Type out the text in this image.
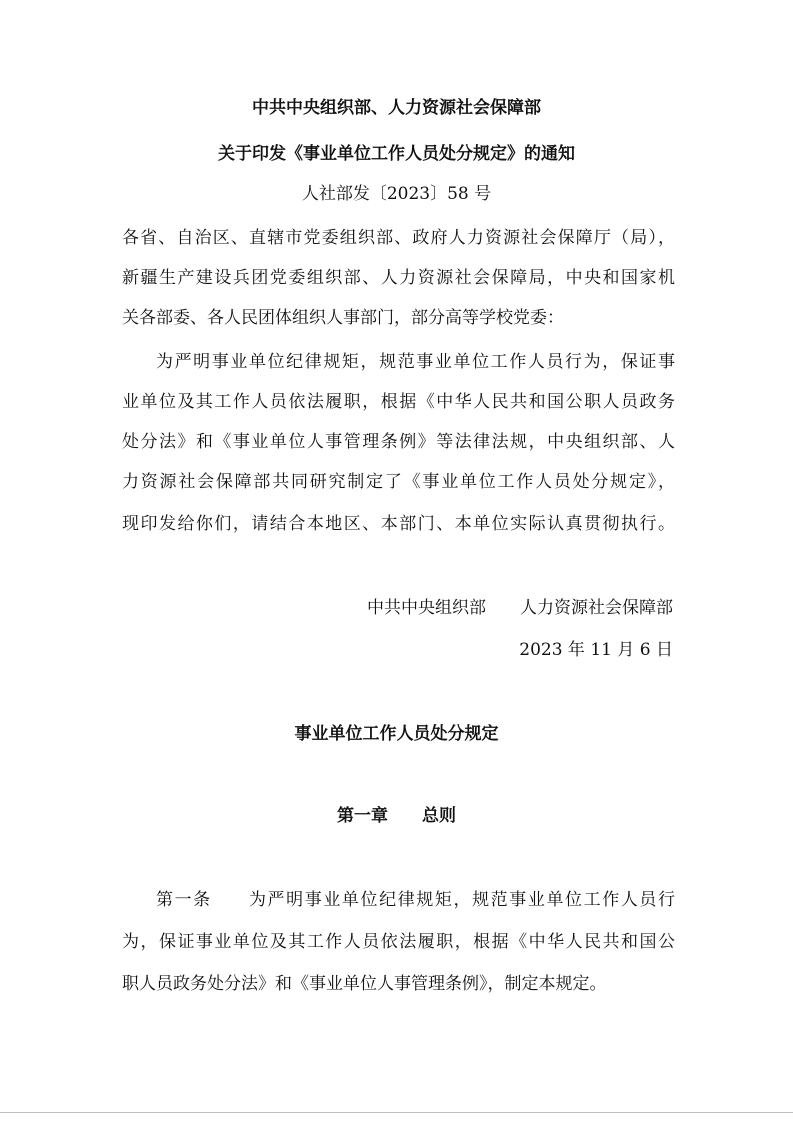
中共中央组织部、人力资源社会保障部
关于印发《事业单位工作人员处分规定》的通知
人社部发〔2023〕58 号
各省、自治区、直辖市党委组织部、政府人力资源社会保障厅（局），
新疆生产建设兵团党委组织部、人力资源社会保障局，中央和国家机
关各部委、各人民团体组织人事部门，部分高等学校党委：
为严明事业单位纪律规矩，规范事业单位工作人员行为，保证事
业单位及其工作人员依法履职，根据《中华人民共和国公职人员政务
处分法》和《事业单位人事管理条例》等法律法规，中央组织部、人
力资源社会保障部共同研究制定了《事业单位工作人员处分规定》，
现印发给你们，请结合本地区、本部门、本单位实际认真贯彻执行。
中共中央组织部　　人力资源社会保障部
2023 年 11 月 6 日
事业单位工作人员处分规定
第一章　　总则
第一条　　为严明事业单位纪律规矩，规范事业单位工作人员行
为，保证事业单位及其工作人员依法履职，根据《中华人民共和国公
职人员政务处分法》和《事业单位人事管理条例》，制定本规定。
